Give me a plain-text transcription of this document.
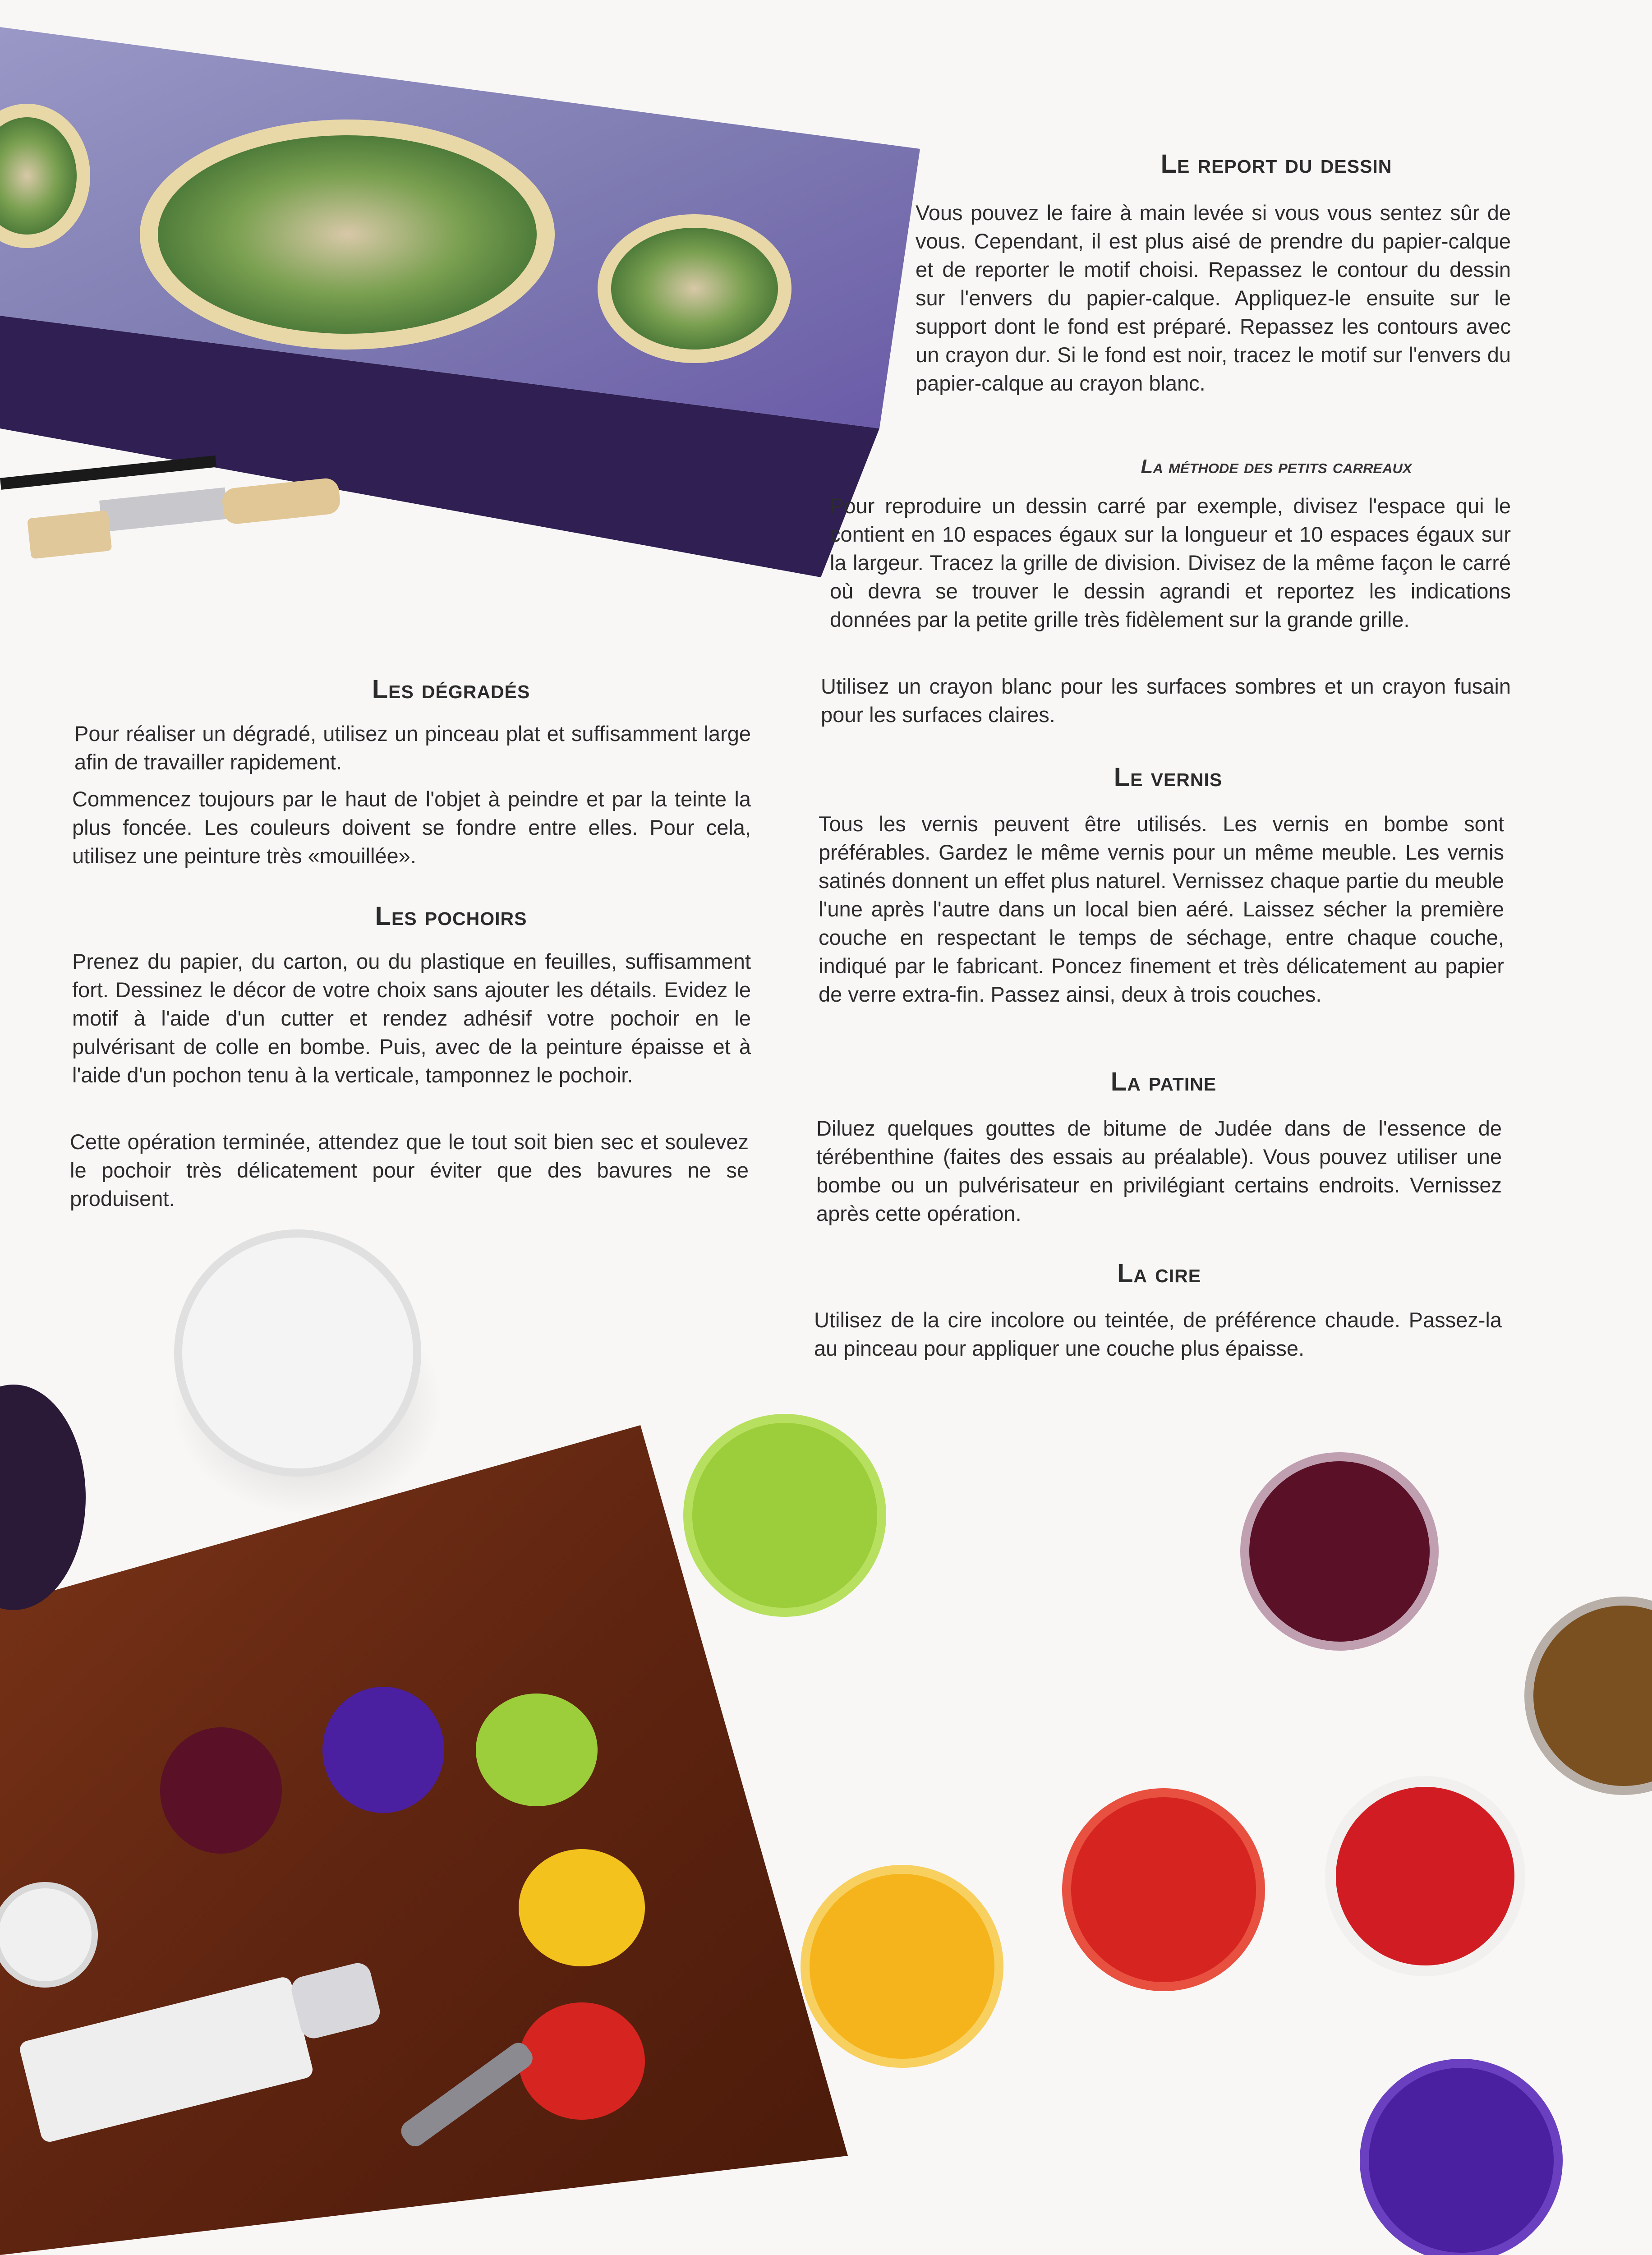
Le report du dessin

Vous pouvez le faire à main levée si vous vous sentez sûr de vous. Cependant, il est plus aisé de prendre du papier-calque et de reporter le motif choisi. Repassez le contour du dessin sur l'envers du papier-calque. Appliquez-le ensuite sur le support dont le fond est préparé. Repassez les contours avec un crayon dur. Si le fond est noir, tracez le motif sur l'envers du papier-calque au crayon blanc.

La méthode des petits carreaux

Pour reproduire un dessin carré par exemple, divisez l'espace qui le contient en 10 espaces égaux sur la longueur et 10 espaces égaux sur la largeur. Tracez la grille de division. Divisez de la même façon le carré où devra se trouver le dessin agrandi et reportez les indications données par la petite grille très fidèlement sur la grande grille.

Utilisez un crayon blanc pour les surfaces sombres et un crayon fusain pour les surfaces claires.

Les dégradés

Pour réaliser un dégradé, utilisez un pinceau plat et suffisamment large afin de travailler rapidement.

Commencez toujours par le haut de l'objet à peindre et par la teinte la plus foncée. Les couleurs doivent se fondre entre elles. Pour cela, utilisez une peinture très «mouillée».

Les pochoirs

Prenez du papier, du carton, ou du plastique en feuilles, suffisamment fort. Dessinez le décor de votre choix sans ajouter les détails. Evidez le motif à l'aide d'un cutter et rendez adhésif votre pochoir en le pulvérisant de colle en bombe. Puis, avec de la peinture épaisse et à l'aide d'un pochon tenu à la verticale, tamponnez le pochoir.

Cette opération terminée, attendez que le tout soit bien sec et soulevez le pochoir très délicatement pour éviter que des bavures ne se produisent.

Le vernis

Tous les vernis peuvent être utilisés. Les vernis en bombe sont préférables. Gardez le même vernis pour un même meuble. Les vernis satinés donnent un effet plus naturel. Vernissez chaque partie du meuble l'une après l'autre dans un local bien aéré. Laissez sécher la première couche en respectant le temps de séchage, entre chaque couche, indiqué par le fabricant. Poncez finement et très délicatement au papier de verre extra-fin. Passez ainsi, deux à trois couches.

La patine

Diluez quelques gouttes de bitume de Judée dans de l'essence de térébenthine (faites des essais au préalable). Vous pouvez utiliser une bombe ou un pulvérisateur en privilégiant certains endroits. Vernissez après cette opération.

La cire

Utilisez de la cire incolore ou teintée, de préférence chaude. Passez-la au pinceau pour appliquer une couche plus épaisse.
